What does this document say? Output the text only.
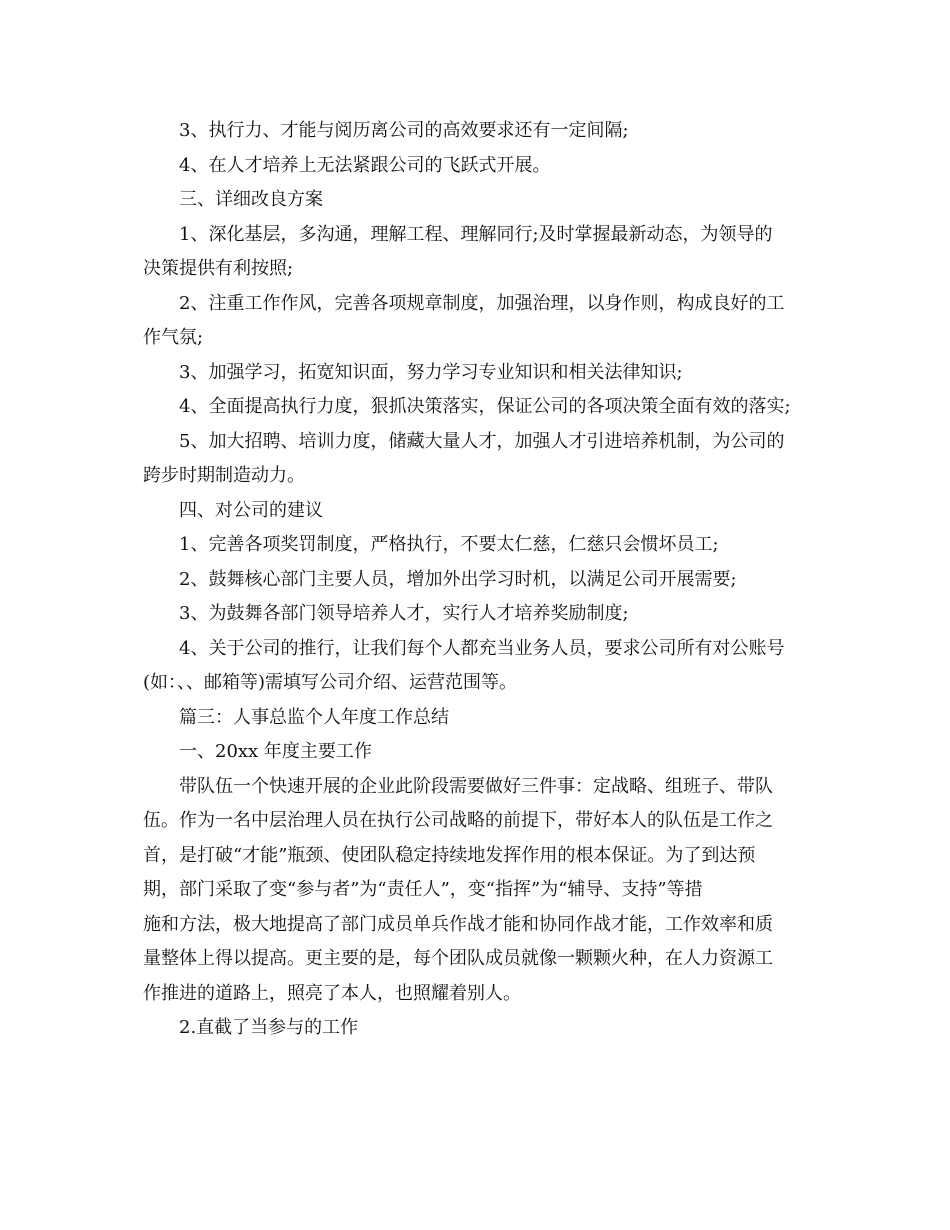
3、执行力、才能与阅历离公司的高效要求还有一定间隔;
4、在人才培养上无法紧跟公司的飞跃式开展。
三、详细改良方案
1、深化基层，多沟通，理解工程、理解同行;及时掌握最新动态，为领导的
决策提供有利按照;
2、注重工作作风，完善各项规章制度，加强治理，以身作则，构成良好的工
作气氛;
3、加强学习，拓宽知识面，努力学习专业知识和相关法律知识;
4、全面提高执行力度，狠抓决策落实，保证公司的各项决策全面有效的落实;
5、加大招聘、培训力度，储藏大量人才，加强人才引进培养机制，为公司的
跨步时期制造动力。
四、对公司的建议
1、完善各项奖罚制度，严格执行，不要太仁慈，仁慈只会惯坏员工;
2、鼓舞核心部门主要人员，增加外出学习时机，以满足公司开展需要;
3、为鼓舞各部门领导培养人才，实行人才培养奖励制度;
4、关于公司的推行，让我们每个人都充当业务人员，要求公司所有对公账号
(如：、、邮箱等)需填写公司介绍、运营范围等。
篇三：人事总监个人年度工作总结
一、20xx 年度主要工作
带队伍一个快速开展的企业此阶段需要做好三件事：定战略、组班子、带队
伍。作为一名中层治理人员在执行公司战略的前提下，带好本人的队伍是工作之
首，是打破“才能”瓶颈、使团队稳定持续地发挥作用的根本保证。为了到达预
期，部门采取了变“参与者”为“责任人”，变“指挥”为“辅导、支持”等措
施和方法，极大地提高了部门成员单兵作战才能和协同作战才能，工作效率和质
量整体上得以提高。更主要的是，每个团队成员就像一颗颗火种，在人力资源工
作推进的道路上，照亮了本人，也照耀着别人。
2.直截了当参与的工作
